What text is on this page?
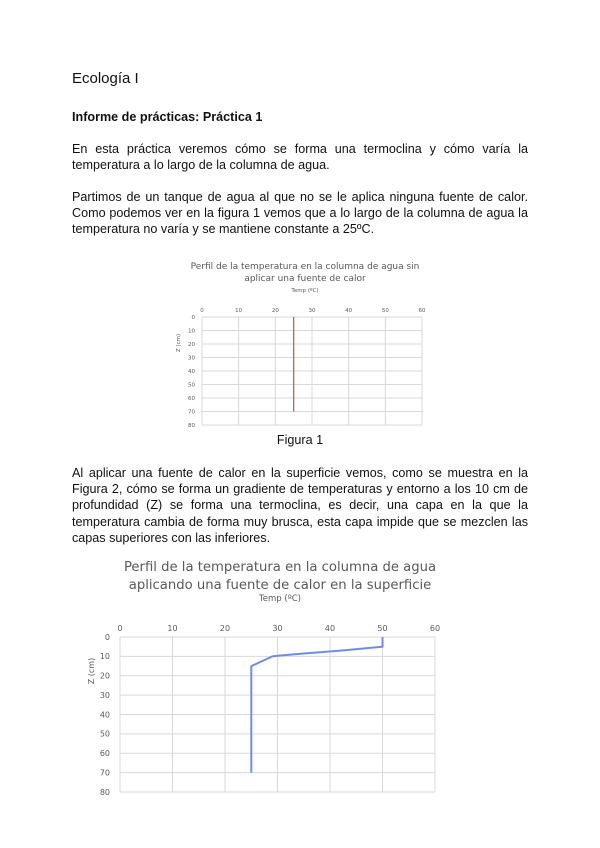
Ecología I
Informe de prácticas: Práctica 1
En esta práctica veremos cómo se forma una termoclina y cómo varía la temperatura a lo largo de la columna de agua.
Partimos de un tanque de agua al que no se le aplica ninguna fuente de calor. Como podemos ver en la figura 1 vemos que a lo largo de la columna de agua la temperatura no varía y se mantiene constante a 25ºC.
Perfil de la temperatura en la columna de agua sin
aplicar una fuente de calor
Temp (ºC)
0	10	20	30	40	50	60
0
10
20
30
40
50
60
70
80
Z (cm)
Figura 1
Al aplicar una fuente de calor en la superficie vemos, como se muestra en la Figura 2, cómo se forma un gradiente de temperaturas y entorno a los 10 cm de profundidad (Z) se forma una termoclina, es decir, una capa en la que la temperatura cambia de forma muy brusca, esta capa impide que se mezclen las capas superiores con las inferiores.
Perfil de la temperatura en la columna de agua
aplicando una fuente de calor en la superficie
Temp (ºC)
0	10	20	30	40	50	60
0
10
20
30
40
50
60
70
80
Z (cm)
